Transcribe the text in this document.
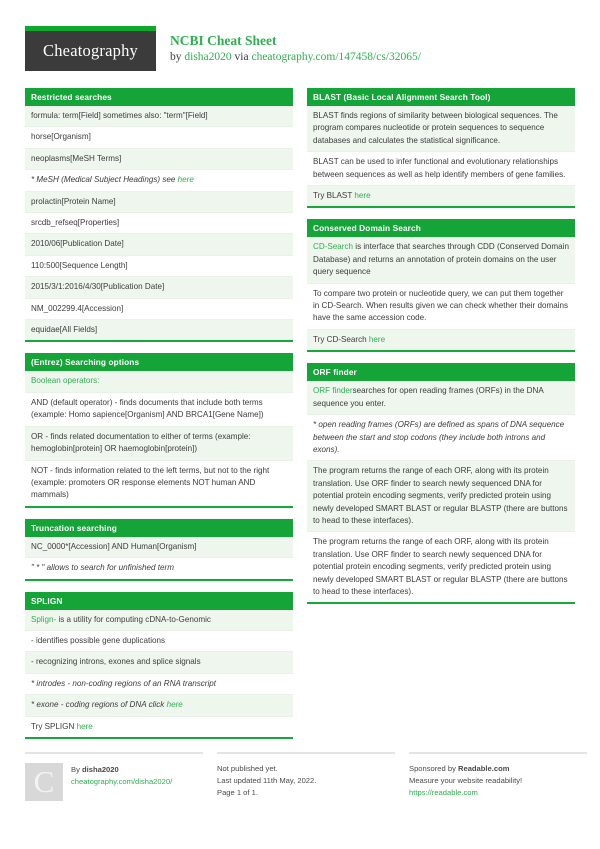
Cheatography
NCBI Cheat Sheet
by disha2020 via cheatography.com/147458/cs/32065/
Restricted searches
formula: term[Field] sometimes also: "term"[Field]
horse[Organism]
neoplasms[MeSH Terms]
* MeSH (Medical Subject Headings) see here
prolactin[Protein Name]
srcdb_refseq[Properties]
2010/06[Publication Date]
110:500[Sequence Length]
2015/3/1:2016/4/30[Publication Date]
NM_002299.4[Accession]
equidae[All Fields]
(Entrez) Searching options
Boolean operators:
AND (default operator) - finds documents that include both terms (example: Homo sapience[Organism] AND BRCA1[Gene Name])
OR - finds related documentation to either of terms (example: hemoglobin[protein] OR haemoglobin[protein])
NOT - finds information related to the left terms, but not to the right (example: promoters OR response elements NOT human AND mammals)
Truncation searching
NC_0000*[Accession] AND Human[Organism]
" * " allows to search for unfinished term
SPLIGN
Splign- is a utility for computing cDNA-to-Genomic
- identifies possible gene duplications
- recognizing introns, exones and splice signals
* introdes - non-coding regions of an RNA transcript
* exone - coding regions of DNA click here
Try SPLIGN here
BLAST (Basic Local Alignment Search Tool)
BLAST finds regions of similarity between biological sequences. The program compares nucleotide or protein sequences to sequence databases and calculates the statistical significance.
BLAST can be used to infer functional and evolutionary relationships between sequences as well as help identify members of gene families.
Try BLAST here
Conserved Domain Search
CD-Search is interface that searches through CDD (Conserved Domain Database) and returns an annotation of protein domains on the user query sequence
To compare two protein or nucleotide query, we can put them together in CD-Search. When results given we can check whether their domains have the same accession code.
Try CD-Search here
ORF finder
ORF findersearches for open reading frames (ORFs) in the DNA sequence you enter.
* open reading frames (ORFs) are defined as spans of DNA sequence between the start and stop codons (they include both introns and exons).
The program returns the range of each ORF, along with its protein translation. Use ORF finder to search newly sequenced DNA for potential protein encoding segments, verify predicted protein using newly developed SMART BLAST or regular BLASTP (there are buttons to head to these interfaces).
The program returns the range of each ORF, along with its protein translation. Use ORF finder to search newly sequenced DNA for potential protein encoding segments, verify predicted protein using newly developed SMART BLAST or regular BLASTP (there are buttons to head to these interfaces).
C	By disha2020
cheatography.com/disha2020/
Not published yet.
Last updated 11th May, 2022.
Page 1 of 1.
Sponsored by Readable.com
Measure your website readability!
https://readable.com
